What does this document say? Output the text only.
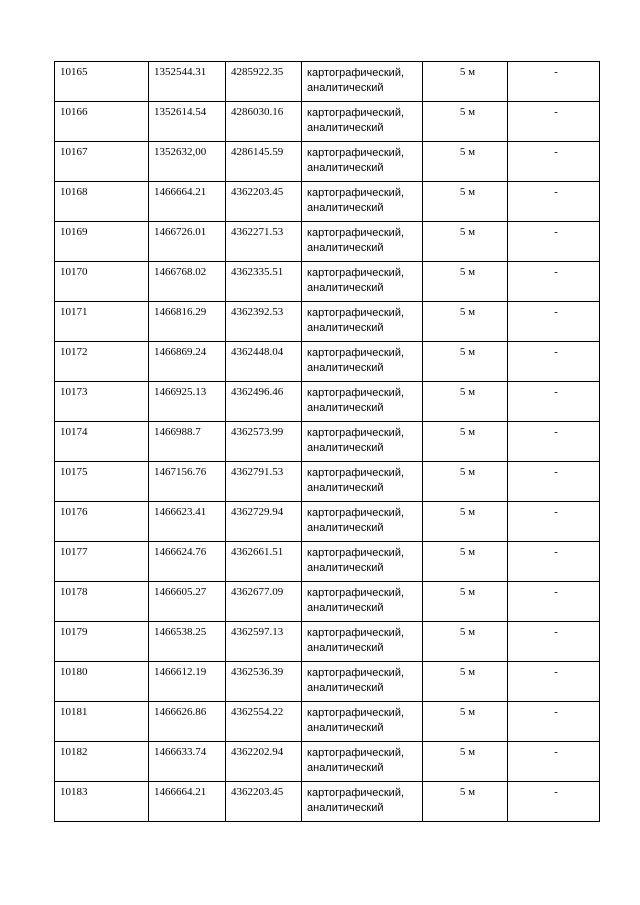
10165	1352544.31	4285922.35	картографический,
аналитический	5 м	-
10166	1352614.54	4286030.16	картографический,
аналитический	5 м	-
10167	1352632,00	4286145.59	картографический,
аналитический	5 м	-
10168	1466664.21	4362203.45	картографический,
аналитический	5 м	-
10169	1466726.01	4362271.53	картографический,
аналитический	5 м	-
10170	1466768.02	4362335.51	картографический,
аналитический	5 м	-
10171	1466816.29	4362392.53	картографический,
аналитический	5 м	-
10172	1466869.24	4362448.04	картографический,
аналитический	5 м	-
10173	1466925.13	4362496.46	картографический,
аналитический	5 м	-
10174	1466988.7	4362573.99	картографический,
аналитический	5 м	-
10175	1467156.76	4362791.53	картографический,
аналитический	5 м	-
10176	1466623.41	4362729.94	картографический,
аналитический	5 м	-
10177	1466624.76	4362661.51	картографический,
аналитический	5 м	-
10178	1466605.27	4362677.09	картографический,
аналитический	5 м	-
10179	1466538.25	4362597.13	картографический,
аналитический	5 м	-
10180	1466612.19	4362536.39	картографический,
аналитический	5 м	-
10181	1466626.86	4362554.22	картографический,
аналитический	5 м	-
10182	1466633.74	4362202.94	картографический,
аналитический	5 м	-
10183	1466664.21	4362203.45	картографический,
аналитический	5 м	-
